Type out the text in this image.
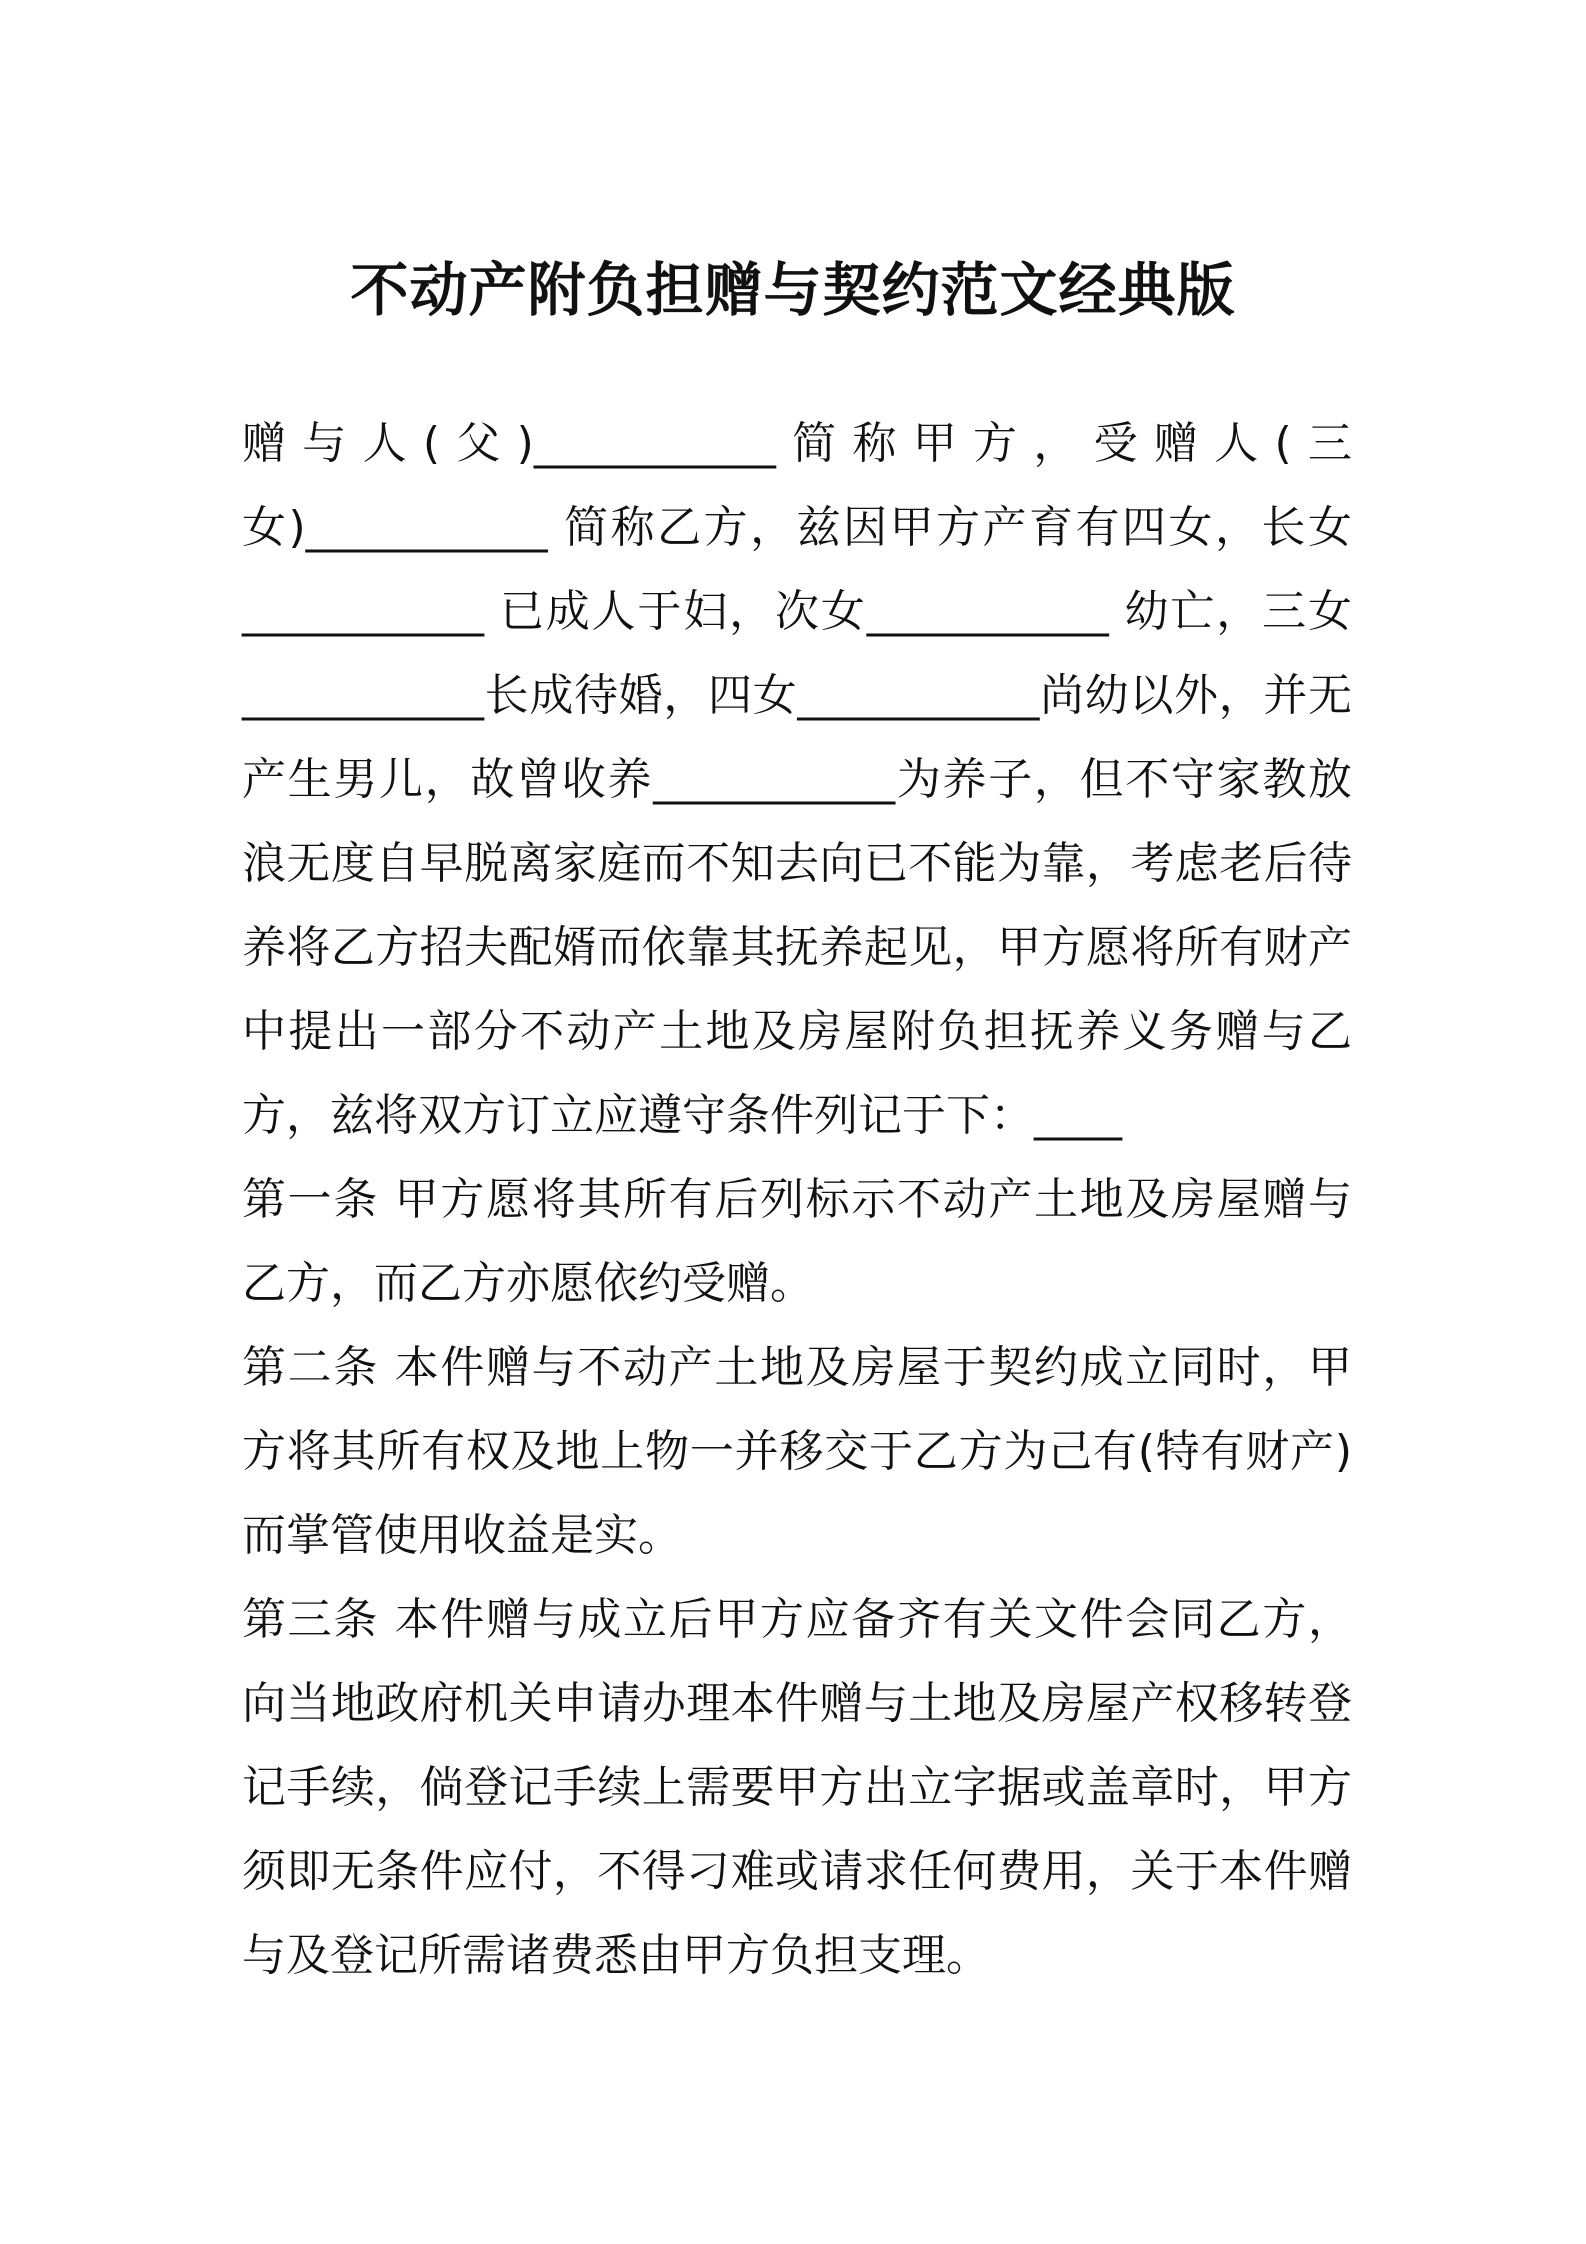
不动产附负担赠与契约范文经典版

赠与人(父)___________简称甲方，受赠人(三女)___________ 简称乙方，兹因甲方产育有四女，长女___________ 已成人于妇，次女___________ 幼亡，三女___________长成待婚，四女___________尚幼以外，并无产生男儿，故曾收养___________为养子，但不守家教放浪无度自早脱离家庭而不知去向已不能为靠，考虑老后待养将乙方招夫配婿而依靠其抚养起见，甲方愿将所有财产中提出一部分不动产土地及房屋附负担抚养义务赠与乙方，兹将双方订立应遵守条件列记于下：____

第一条 甲方愿将其所有后列标示不动产土地及房屋赠与乙方，而乙方亦愿依约受赠。

第二条 本件赠与不动产土地及房屋于契约成立同时，甲方将其所有权及地上物一并移交于乙方为己有(特有财产)而掌管使用收益是实。

第三条 本件赠与成立后甲方应备齐有关文件会同乙方，向当地政府机关申请办理本件赠与土地及房屋产权移转登记手续，倘登记手续上需要甲方出立字据或盖章时，甲方须即无条件应付，不得刁难或请求任何费用，关于本件赠与及登记所需诸费悉由甲方负担支理。
